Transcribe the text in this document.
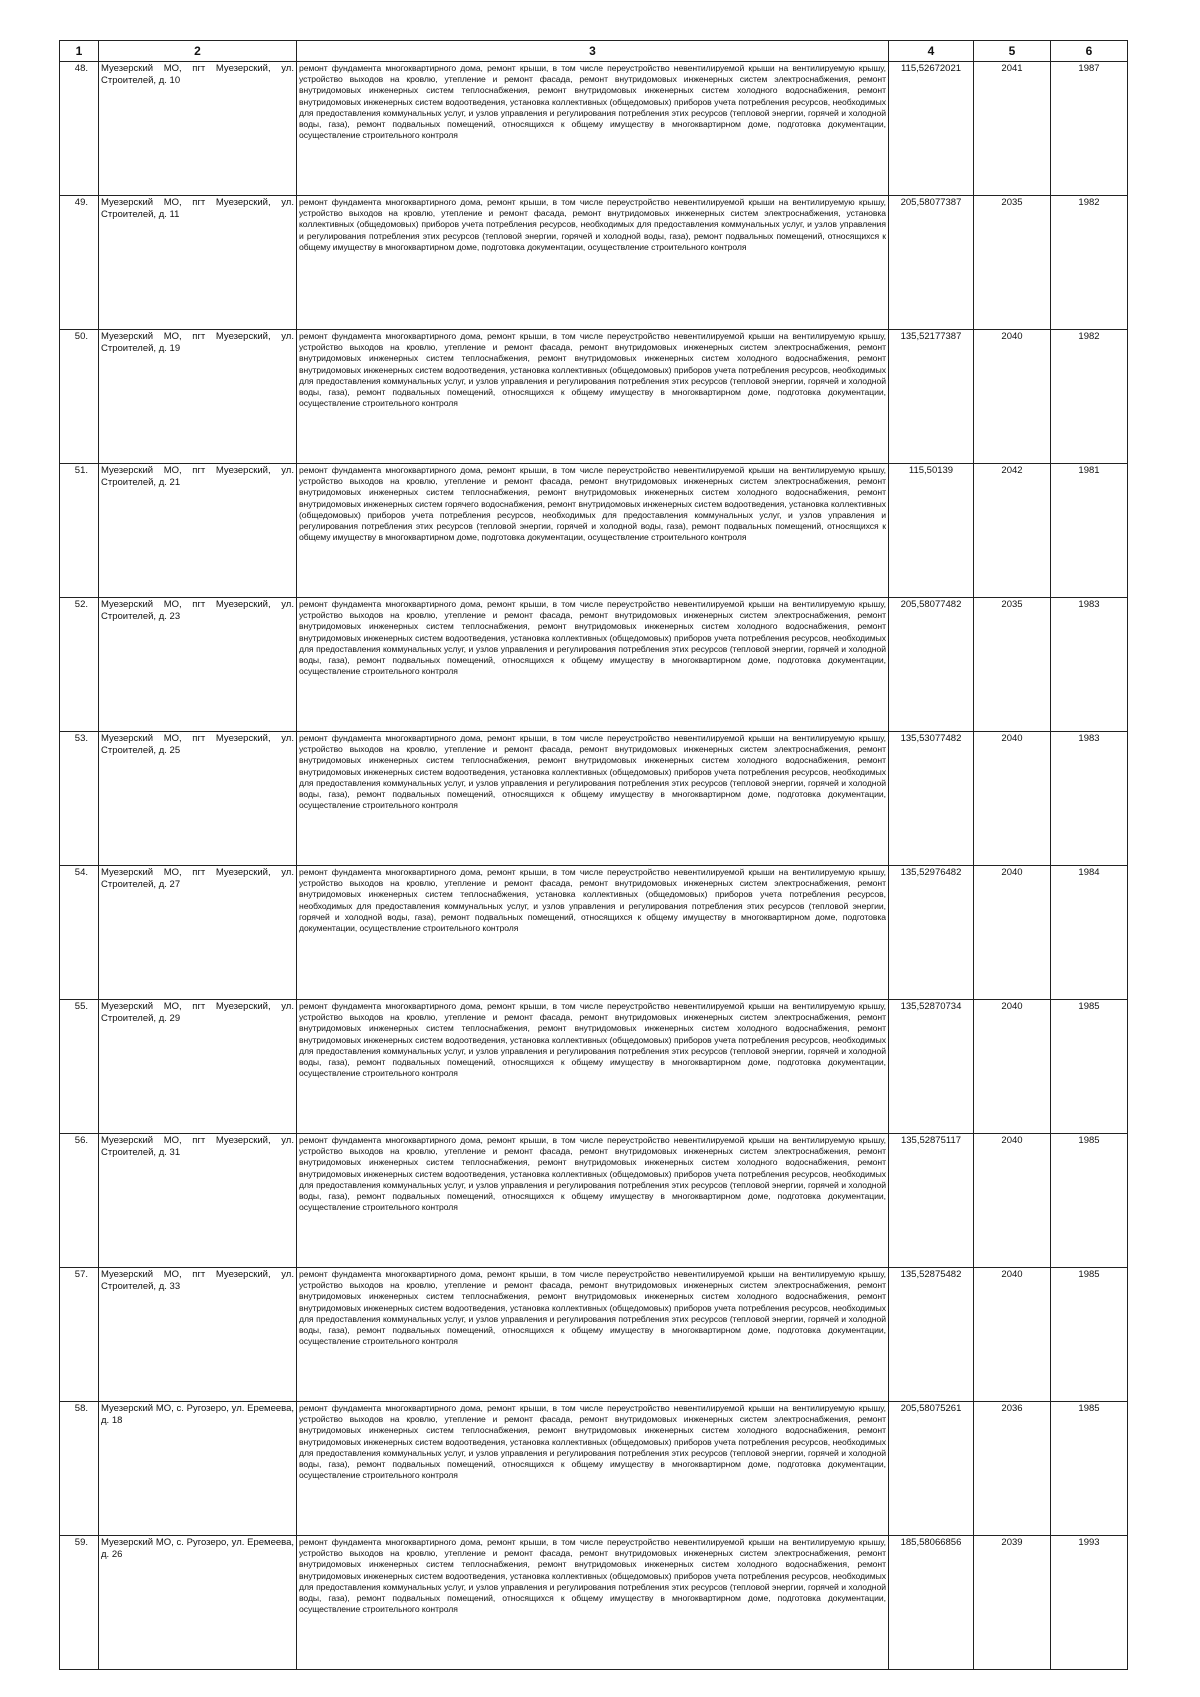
1	2	3	4	5	6
48.	Муезерский МО, пгт Муезерский, ул. Строителей, д. 10	ремонт фундамента многоквартирного дома, ремонт крыши, в том числе переустройство невентилируемой крыши на вентилируемую крышу, устройство выходов на кровлю, утепление и ремонт фасада, ремонт внутридомовых инженерных систем электроснабжения, ремонт внутридомовых инженерных систем теплоснабжения, ремонт внутридомовых инженерных систем холодного водоснабжения, ремонт внутридомовых инженерных систем водоотведения, установка коллективных (общедомовых) приборов учета потребления ресурсов, необходимых для предоставления коммунальных услуг, и узлов управления и регулирования потребления этих ресурсов (тепловой энергии, горячей и холодной воды, газа), ремонт подвальных помещений, относящихся к общему имуществу в многоквартирном доме, подготовка документации, осуществление строительного контроля	115,52672021	2041	1987
49.	Муезерский МО, пгт Муезерский, ул. Строителей, д. 11	ремонт фундамента многоквартирного дома, ремонт крыши, в том числе переустройство невентилируемой крыши на вентилируемую крышу, устройство выходов на кровлю, утепление и ремонт фасада, ремонт внутридомовых инженерных систем электроснабжения, установка коллективных (общедомовых) приборов учета потребления ресурсов, необходимых для предоставления коммунальных услуг, и узлов управления и регулирования потребления этих ресурсов (тепловой энергии, горячей и холодной воды, газа), ремонт подвальных помещений, относящихся к общему имуществу в многоквартирном доме, подготовка документации, осуществление строительного контроля	205,58077387	2035	1982
50.	Муезерский МО, пгт Муезерский, ул. Строителей, д. 19	ремонт фундамента многоквартирного дома, ремонт крыши, в том числе переустройство невентилируемой крыши на вентилируемую крышу, устройство выходов на кровлю, утепление и ремонт фасада, ремонт внутридомовых инженерных систем электроснабжения, ремонт внутридомовых инженерных систем теплоснабжения, ремонт внутридомовых инженерных систем холодного водоснабжения, ремонт внутридомовых инженерных систем водоотведения, установка коллективных (общедомовых) приборов учета потребления ресурсов, необходимых для предоставления коммунальных услуг, и узлов управления и регулирования потребления этих ресурсов (тепловой энергии, горячей и холодной воды, газа), ремонт подвальных помещений, относящихся к общему имуществу в многоквартирном доме, подготовка документации, осуществление строительного контроля	135,52177387	2040	1982
51.	Муезерский МО, пгт Муезерский, ул. Строителей, д. 21	ремонт фундамента многоквартирного дома, ремонт крыши, в том числе переустройство невентилируемой крыши на вентилируемую крышу, устройство выходов на кровлю, утепление и ремонт фасада, ремонт внутридомовых инженерных систем электроснабжения, ремонт внутридомовых инженерных систем теплоснабжения, ремонт внутридомовых инженерных систем холодного водоснабжения, ремонт внутридомовых инженерных систем горячего водоснабжения, ремонт внутридомовых инженерных систем водоотведения, установка коллективных (общедомовых) приборов учета потребления ресурсов, необходимых для предоставления коммунальных услуг, и узлов управления и регулирования потребления этих ресурсов (тепловой энергии, горячей и холодной воды, газа), ремонт подвальных помещений, относящихся к общему имуществу в многоквартирном доме, подготовка документации, осуществление строительного контроля	115,50139	2042	1981
52.	Муезерский МО, пгт Муезерский, ул. Строителей, д. 23	ремонт фундамента многоквартирного дома, ремонт крыши, в том числе переустройство невентилируемой крыши на вентилируемую крышу, устройство выходов на кровлю, утепление и ремонт фасада, ремонт внутридомовых инженерных систем электроснабжения, ремонт внутридомовых инженерных систем теплоснабжения, ремонт внутридомовых инженерных систем холодного водоснабжения, ремонт внутридомовых инженерных систем водоотведения, установка коллективных (общедомовых) приборов учета потребления ресурсов, необходимых для предоставления коммунальных услуг, и узлов управления и регулирования потребления этих ресурсов (тепловой энергии, горячей и холодной воды, газа), ремонт подвальных помещений, относящихся к общему имуществу в многоквартирном доме, подготовка документации, осуществление строительного контроля	205,58077482	2035	1983
53.	Муезерский МО, пгт Муезерский, ул. Строителей, д. 25	ремонт фундамента многоквартирного дома, ремонт крыши, в том числе переустройство невентилируемой крыши на вентилируемую крышу, устройство выходов на кровлю, утепление и ремонт фасада, ремонт внутридомовых инженерных систем электроснабжения, ремонт внутридомовых инженерных систем теплоснабжения, ремонт внутридомовых инженерных систем холодного водоснабжения, ремонт внутридомовых инженерных систем водоотведения, установка коллективных (общедомовых) приборов учета потребления ресурсов, необходимых для предоставления коммунальных услуг, и узлов управления и регулирования потребления этих ресурсов (тепловой энергии, горячей и холодной воды, газа), ремонт подвальных помещений, относящихся к общему имуществу в многоквартирном доме, подготовка документации, осуществление строительного контроля	135,53077482	2040	1983
54.	Муезерский МО, пгт Муезерский, ул. Строителей, д. 27	ремонт фундамента многоквартирного дома, ремонт крыши, в том числе переустройство невентилируемой крыши на вентилируемую крышу, устройство выходов на кровлю, утепление и ремонт фасада, ремонт внутридомовых инженерных систем электроснабжения, ремонт внутридомовых инженерных систем теплоснабжения, установка коллективных (общедомовых) приборов учета потребления ресурсов, необходимых для предоставления коммунальных услуг, и узлов управления и регулирования потребления этих ресурсов (тепловой энергии, горячей и холодной воды, газа), ремонт подвальных помещений, относящихся к общему имуществу в многоквартирном доме, подготовка документации, осуществление строительного контроля	135,52976482	2040	1984
55.	Муезерский МО, пгт Муезерский, ул. Строителей, д. 29	ремонт фундамента многоквартирного дома, ремонт крыши, в том числе переустройство невентилируемой крыши на вентилируемую крышу, устройство выходов на кровлю, утепление и ремонт фасада, ремонт внутридомовых инженерных систем электроснабжения, ремонт внутридомовых инженерных систем теплоснабжения, ремонт внутридомовых инженерных систем холодного водоснабжения, ремонт внутридомовых инженерных систем водоотведения, установка коллективных (общедомовых) приборов учета потребления ресурсов, необходимых для предоставления коммунальных услуг, и узлов управления и регулирования потребления этих ресурсов (тепловой энергии, горячей и холодной воды, газа), ремонт подвальных помещений, относящихся к общему имуществу в многоквартирном доме, подготовка документации, осуществление строительного контроля	135,52870734	2040	1985
56.	Муезерский МО, пгт Муезерский, ул. Строителей, д. 31	ремонт фундамента многоквартирного дома, ремонт крыши, в том числе переустройство невентилируемой крыши на вентилируемую крышу, устройство выходов на кровлю, утепление и ремонт фасада, ремонт внутридомовых инженерных систем электроснабжения, ремонт внутридомовых инженерных систем теплоснабжения, ремонт внутридомовых инженерных систем холодного водоснабжения, ремонт внутридомовых инженерных систем водоотведения, установка коллективных (общедомовых) приборов учета потребления ресурсов, необходимых для предоставления коммунальных услуг, и узлов управления и регулирования потребления этих ресурсов (тепловой энергии, горячей и холодной воды, газа), ремонт подвальных помещений, относящихся к общему имуществу в многоквартирном доме, подготовка документации, осуществление строительного контроля	135,52875117	2040	1985
57.	Муезерский МО, пгт Муезерский, ул. Строителей, д. 33	ремонт фундамента многоквартирного дома, ремонт крыши, в том числе переустройство невентилируемой крыши на вентилируемую крышу, устройство выходов на кровлю, утепление и ремонт фасада, ремонт внутридомовых инженерных систем электроснабжения, ремонт внутридомовых инженерных систем теплоснабжения, ремонт внутридомовых инженерных систем холодного водоснабжения, ремонт внутридомовых инженерных систем водоотведения, установка коллективных (общедомовых) приборов учета потребления ресурсов, необходимых для предоставления коммунальных услуг, и узлов управления и регулирования потребления этих ресурсов (тепловой энергии, горячей и холодной воды, газа), ремонт подвальных помещений, относящихся к общему имуществу в многоквартирном доме, подготовка документации, осуществление строительного контроля	135,52875482	2040	1985
58.	Муезерский МО, с. Ругозеро, ул. Еремеева, д. 18	ремонт фундамента многоквартирного дома, ремонт крыши, в том числе переустройство невентилируемой крыши на вентилируемую крышу, устройство выходов на кровлю, утепление и ремонт фасада, ремонт внутридомовых инженерных систем электроснабжения, ремонт внутридомовых инженерных систем теплоснабжения, ремонт внутридомовых инженерных систем холодного водоснабжения, ремонт внутридомовых инженерных систем водоотведения, установка коллективных (общедомовых) приборов учета потребления ресурсов, необходимых для предоставления коммунальных услуг, и узлов управления и регулирования потребления этих ресурсов (тепловой энергии, горячей и холодной воды, газа), ремонт подвальных помещений, относящихся к общему имуществу в многоквартирном доме, подготовка документации, осуществление строительного контроля	205,58075261	2036	1985
59.	Муезерский МО, с. Ругозеро, ул. Еремеева, д. 26	ремонт фундамента многоквартирного дома, ремонт крыши, в том числе переустройство невентилируемой крыши на вентилируемую крышу, устройство выходов на кровлю, утепление и ремонт фасада, ремонт внутридомовых инженерных систем электроснабжения, ремонт внутридомовых инженерных систем теплоснабжения, ремонт внутридомовых инженерных систем холодного водоснабжения, ремонт внутридомовых инженерных систем водоотведения, установка коллективных (общедомовых) приборов учета потребления ресурсов, необходимых для предоставления коммунальных услуг, и узлов управления и регулирования потребления этих ресурсов (тепловой энергии, горячей и холодной воды, газа), ремонт подвальных помещений, относящихся к общему имуществу в многоквартирном доме, подготовка документации, осуществление строительного контроля	185,58066856	2039	1993
